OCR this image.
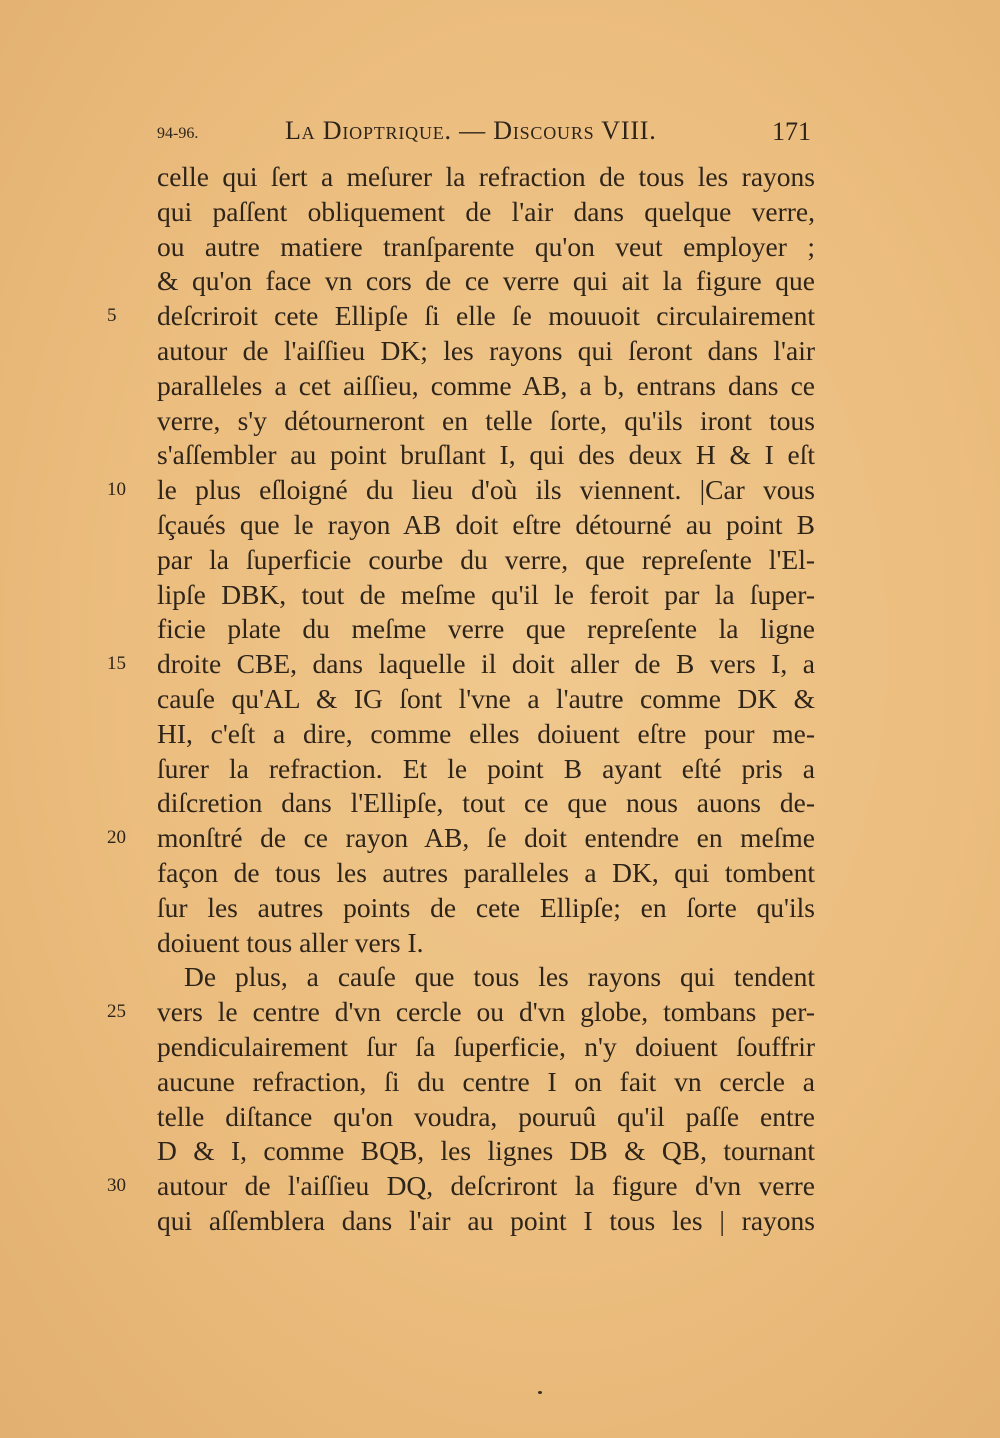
94-96.	La Dioptrique. — Discours VIII.	171
celle qui ſert a meſurer la refraction de tous les rayons
qui paſſent obliquement de l'air dans quelque verre,
ou autre matiere tranſparente qu'on veut employer ;
& qu'on face vn cors de ce verre qui ait la figure que
5	deſcriroit cete Ellipſe ſi elle ſe mouuoit circulairement
autour de l'aiſſieu DK; les rayons qui ſeront dans l'air
paralleles a cet aiſſieu, comme AB, a b, entrans dans ce
verre, s'y détourneront en telle ſorte, qu'ils iront tous
s'aſſembler au point bruſlant I, qui des deux H & I eſt
10	le plus eſloigné du lieu d'où ils viennent. |Car vous
ſçaués que le rayon AB doit eſtre détourné au point B
par la ſuperficie courbe du verre, que repreſente l'El-
lipſe DBK, tout de meſme qu'il le feroit par la ſuper-
ficie plate du meſme verre que repreſente la ligne
15	droite CBE, dans laquelle il doit aller de B vers I, a
cauſe qu'AL & IG ſont l'vne a l'autre comme DK &
HI, c'eſt a dire, comme elles doiuent eſtre pour me-
ſurer la refraction. Et le point B ayant eſté pris a
diſcretion dans l'Ellipſe, tout ce que nous auons de-
20	monſtré de ce rayon AB, ſe doit entendre en meſme
façon de tous les autres paralleles a DK, qui tombent
ſur les autres points de cete Ellipſe; en ſorte qu'ils
doiuent tous aller vers I.
De plus, a cauſe que tous les rayons qui tendent
25	vers le centre d'vn cercle ou d'vn globe, tombans per-
pendiculairement ſur ſa ſuperficie, n'y doiuent ſouffrir
aucune refraction, ſi du centre I on fait vn cercle a
telle diſtance qu'on voudra, pouruû qu'il paſſe entre
D & I, comme BQB, les lignes DB & QB, tournant
30	autour de l'aiſſieu DQ, deſcriront la figure d'vn verre
qui aſſemblera dans l'air au point I tous les | rayons
